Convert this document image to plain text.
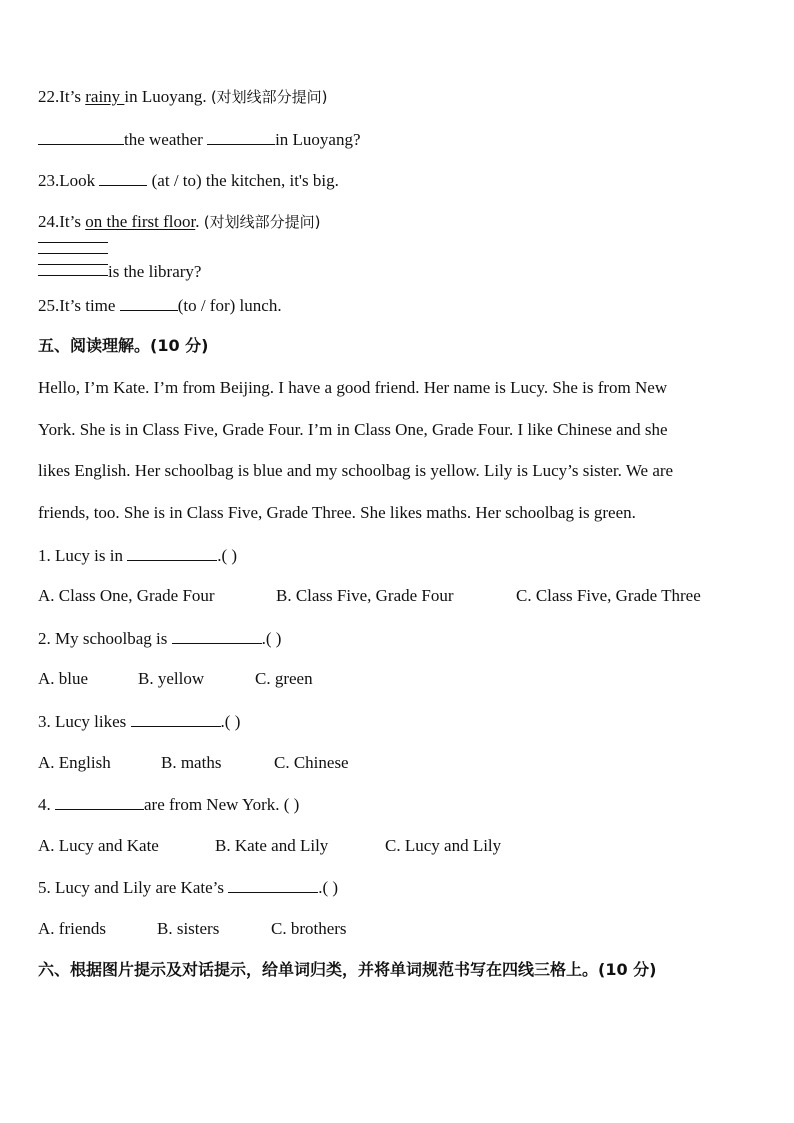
22.It’s rainy in Luoyang. (对划线部分提问)
the weather	in Luoyang?
23.Look	(at / to) the kitchen, it's big.
24.It’s on the first floor. (对划线部分提问)
is the library?
25.It’s time	(to / for) lunch.
五、阅读理解。(10 分)
Hello, I’m Kate. I’m from Beijing. I have a good friend. Her name is Lucy. She is from New
York. She is in Class Five, Grade Four. I’m in Class One, Grade Four. I like Chinese and she
likes English. Her schoolbag is blue and my schoolbag is yellow. Lily is Lucy’s sister. We are
friends, too. She is in Class Five, Grade Three. She likes maths. Her schoolbag is green.
1. Lucy is in	.( )
A. Class One, Grade Four	B. Class Five, Grade Four	C. Class Five, Grade Three
2. My schoolbag is	.( )
A. blue	B. yellow	C. green
3. Lucy likes	.( )
A. English	B. maths	C. Chinese
4.	are from New York. ( )
A. Lucy and Kate	B. Kate and Lily	C. Lucy and Lily
5. Lucy and Lily are Kate’s	.( )
A. friends	B. sisters	C. brothers
六、根据图片提示及对话提示，给单词归类，并将单词规范书写在四线三格上。(10 分)
